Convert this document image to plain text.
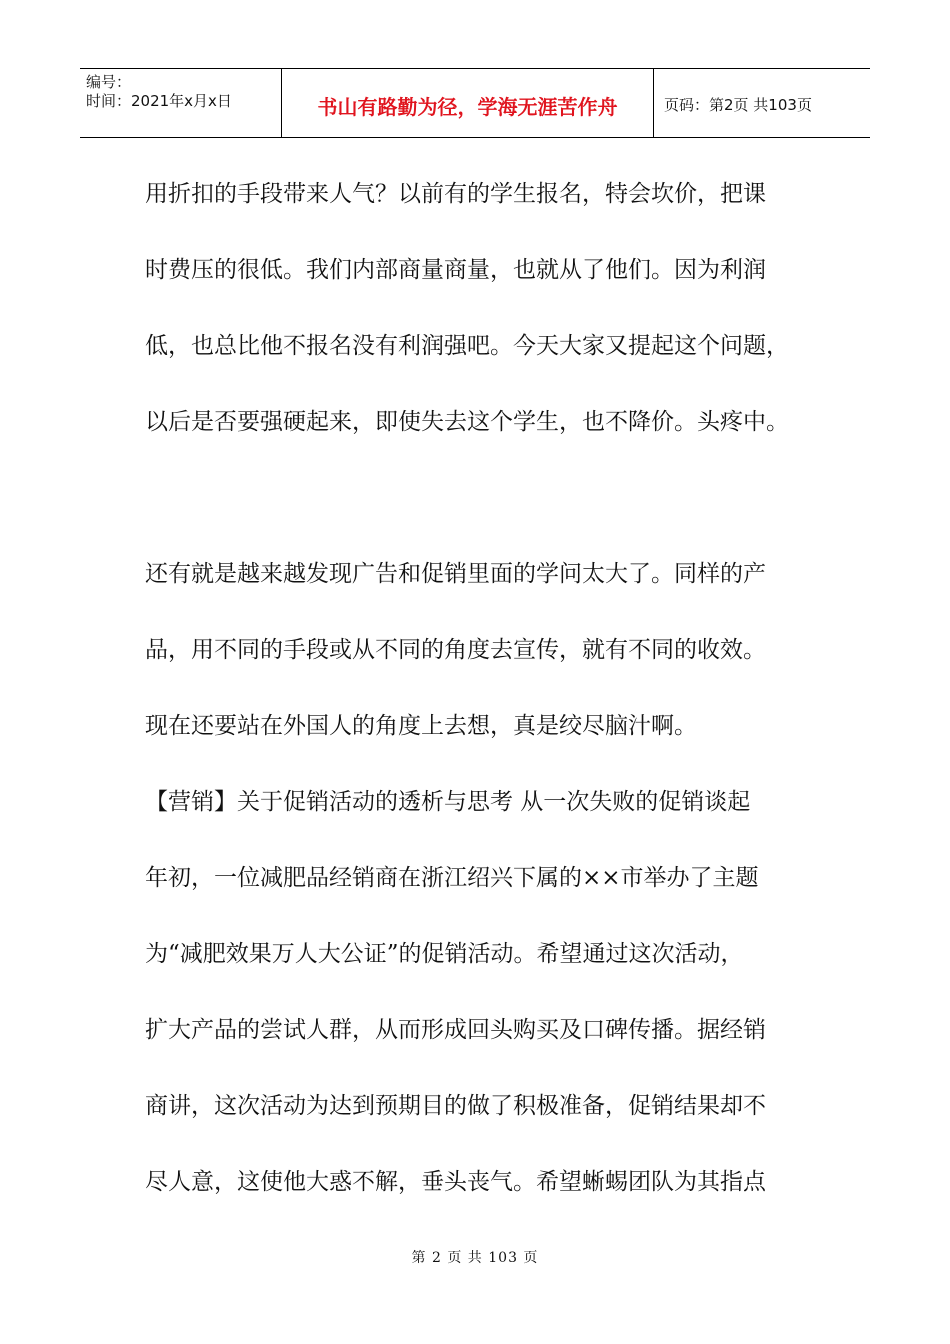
编号：
时间：2021年x月x日	书山有路勤为径，学海无涯苦作舟	页码：第2页 共103页
用折扣的手段带来人气？以前有的学生报名，特会坎价，把课
时费压的很低。我们内部商量商量，也就从了他们。因为利润
低，也总比他不报名没有利润强吧。今天大家又提起这个问题，
以后是否要强硬起来，即使失去这个学生，也不降价。头疼中。
还有就是越来越发现广告和促销里面的学问太大了。同样的产
品，用不同的手段或从不同的角度去宣传，就有不同的收效。
现在还要站在外国人的角度上去想，真是绞尽脑汁啊。
【营销】关于促销活动的透析与思考 从一次失败的促销谈起
年初，一位减肥品经销商在浙江绍兴下属的××市举办了主题
为“减肥效果万人大公证”的促销活动。希望通过这次活动，
扩大产品的尝试人群，从而形成回头购买及口碑传播。据经销
商讲，这次活动为达到预期目的做了积极准备，促销结果却不
尽人意，这使他大惑不解，垂头丧气。希望蜥蜴团队为其指点
第 2 页 共 103 页
